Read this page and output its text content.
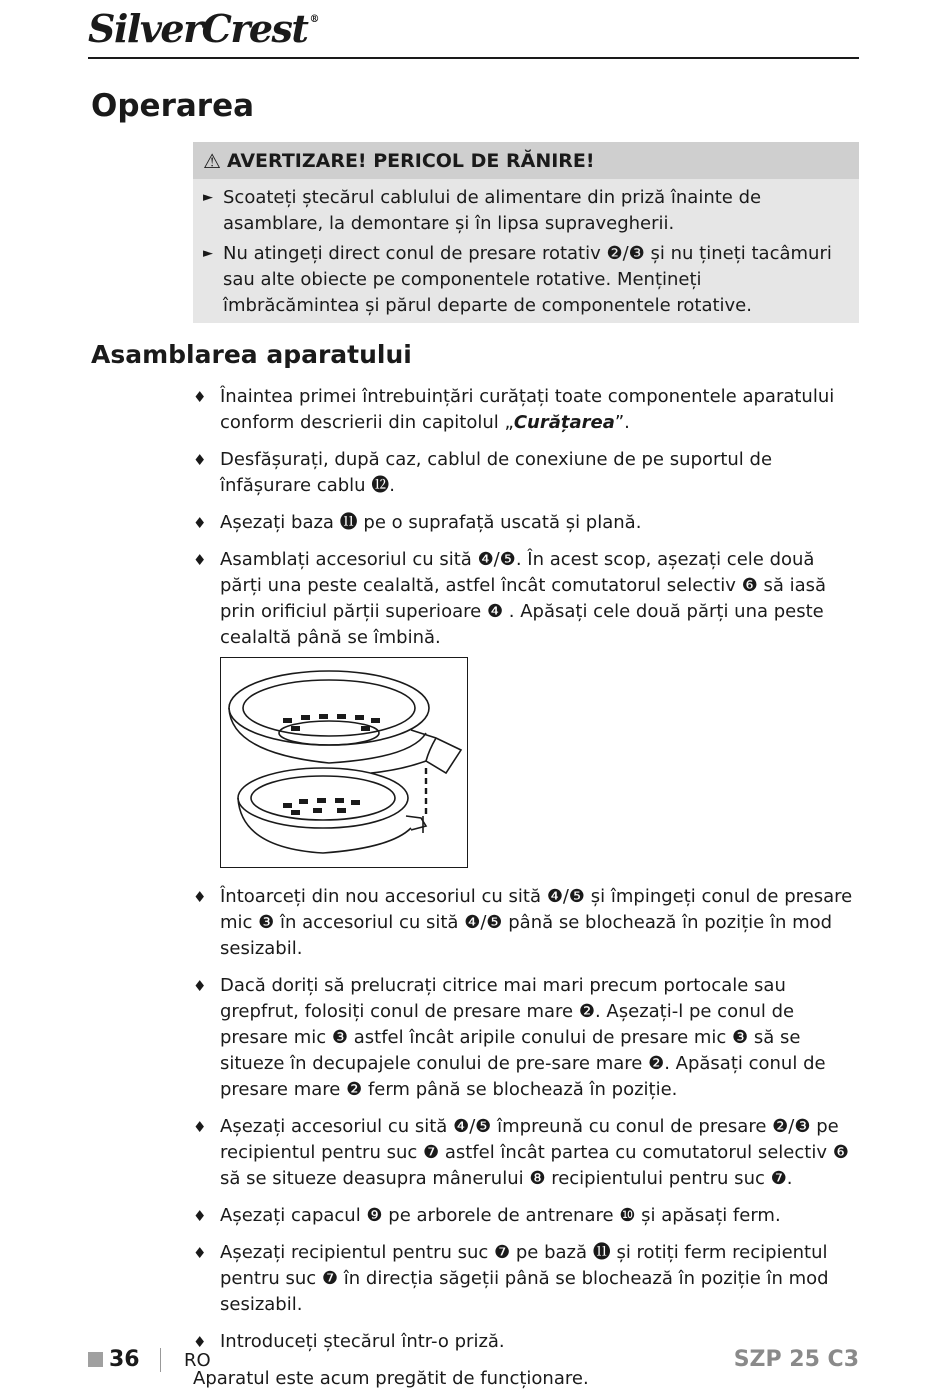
SilverCrest ®
Operarea
⚠ AVERTIZARE! PERICOL DE RĂNIRE!
► Scoateți ștecărul cablului de alimentare din priză înainte de asamblare, la demontare și în lipsa supravegherii.
► Nu atingeți direct conul de presare rotativ ❷/❸ și nu țineți tacâmuri sau alte obiecte pe componentele rotative. Mențineți îmbrăcămintea și părul departe de componentele rotative.
Asamblarea aparatului
♦ Înaintea primei întrebuințări curățați toate componentele aparatului conform descrierii din capitolul „Curățarea”.
♦ Desfășurați, după caz, cablul de conexiune de pe suportul de înfășurare cablu ⓬.
♦ Așezați baza ⓫ pe o suprafață uscată și plană.
♦ Asamblați accesoriul cu sită ❹/❺. În acest scop, așezați cele două părți una peste cealaltă, astfel încât comutatorul selectiv ❻ să iasă prin orificiul părții superioare ❹ . Apăsați cele două părți una peste cealaltă până se îmbină.
♦ Întoarceți din nou accesoriul cu sită ❹/❺ și împingeți conul de presare mic ❸ în accesoriul cu sită ❹/❺ până se blochează în poziție în mod sesizabil.
♦ Dacă doriți să prelucrați citrice mai mari precum portocale sau grepfrut, folosiți conul de presare mare ❷. Așezați-l pe conul de presare mic ❸ astfel încât aripile conului de presare mic ❸ să se situeze în decupajele conului de pre-sare mare ❷. Apăsați conul de presare mare ❷ ferm până se blochează în poziție.
♦ Așezați accesoriul cu sită ❹/❺ împreună cu conul de presare ❷/❸ pe recipientul pentru suc ❼ astfel încât partea cu comutatorul selectiv ❻ să se situeze deasupra mânerului ❽ recipientului pentru suc ❼.
♦ Așezați capacul ❾ pe arborele de antrenare ❿ și apăsați ferm.
♦ Așezați recipientul pentru suc ❼ pe bază ⓫ și rotiți ferm recipientul pentru suc ❼ în direcția săgeții până se blochează în poziție în mod sesizabil.
♦ Introduceți ștecărul într-o priză.
Aparatul este acum pregătit de funcționare.
36 RO	SZP 25 C3
